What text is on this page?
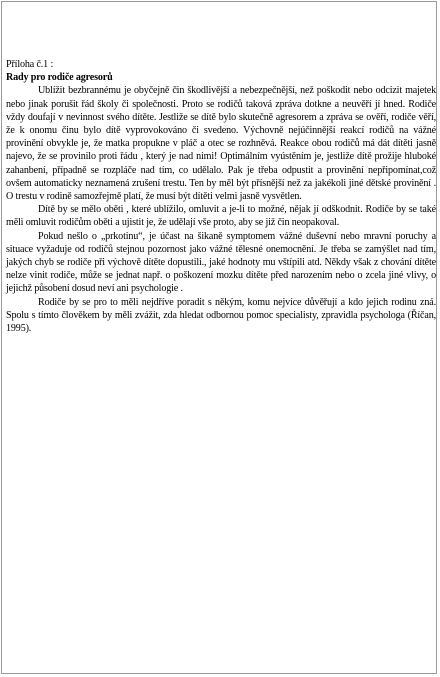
Příloha č.1 :
Rady pro rodiče agresorů

Ublížit bezbrannému je obyčejně čin škodlivější a nebezpečnější, než poškodit nebo odcizit majetek nebo jinak porušit řád školy či společnosti. Proto se rodičů taková zpráva dotkne a neuvěří jí hned. Rodiče vždy doufají v nevinnost svého dítěte. Jestliže se dítě bylo skutečně agresorem a zpráva se ověří, rodiče věří, že k onomu činu bylo dítě vyprovokováno či svedeno. Výchovně nejúčinnější reakcí rodičů na vážné provinění obvykle je, že matka propukne v pláč a otec se rozhněvá. Reakce obou rodičů má dát dítěti jasně najevo, že se provinilo proti řádu , který je nad nimi! Optimálním vyústěním je, jestliže dítě prožije hluboké zahanbení, případně se rozpláče nad tím, co udělalo. Pak je třeba odpustit a provinění nepřipomínat,což ovšem automaticky neznamená zrušení trestu. Ten by měl být přísnější než za jakékoli jiné dětské provinění . O trestu v rodině samozřejmě platí, že musí být dítěti velmi jasně vysvětlen.

Dítě by se mělo oběti , které ublížilo, omluvit a je-li to možné, nějak jí odškodnit. Rodiče by se také měli omluvit rodičům oběti a ujistit je, že udělají vše proto, aby se již čin neopakoval.

Pokud nešlo o „prkotinu“, je účast na šikaně symptomem vážné duševní nebo mravní poruchy a situace vyžaduje od rodičů stejnou pozornost jako vážné tělesné onemocnění. Je třeba se zamýšlet nad tím, jakých chyb se rodiče při výchově dítěte dopustili., jaké hodnoty mu vštípili atd. Někdy však z chování dítěte nelze vinit rodiče, může se jednat např. o poškození mozku dítěte před narozením nebo o zcela jiné vlivy, o jejichž působení dosud neví ani psychologie .

Rodiče by se pro to měli nejdříve poradit s někým, komu nejvíce důvěřují a kdo jejich rodinu zná. Spolu s tímto člověkem by měli zvážit, zda hledat odbornou pomoc specialisty, zpravidla psychologa (Říčan, 1995).
